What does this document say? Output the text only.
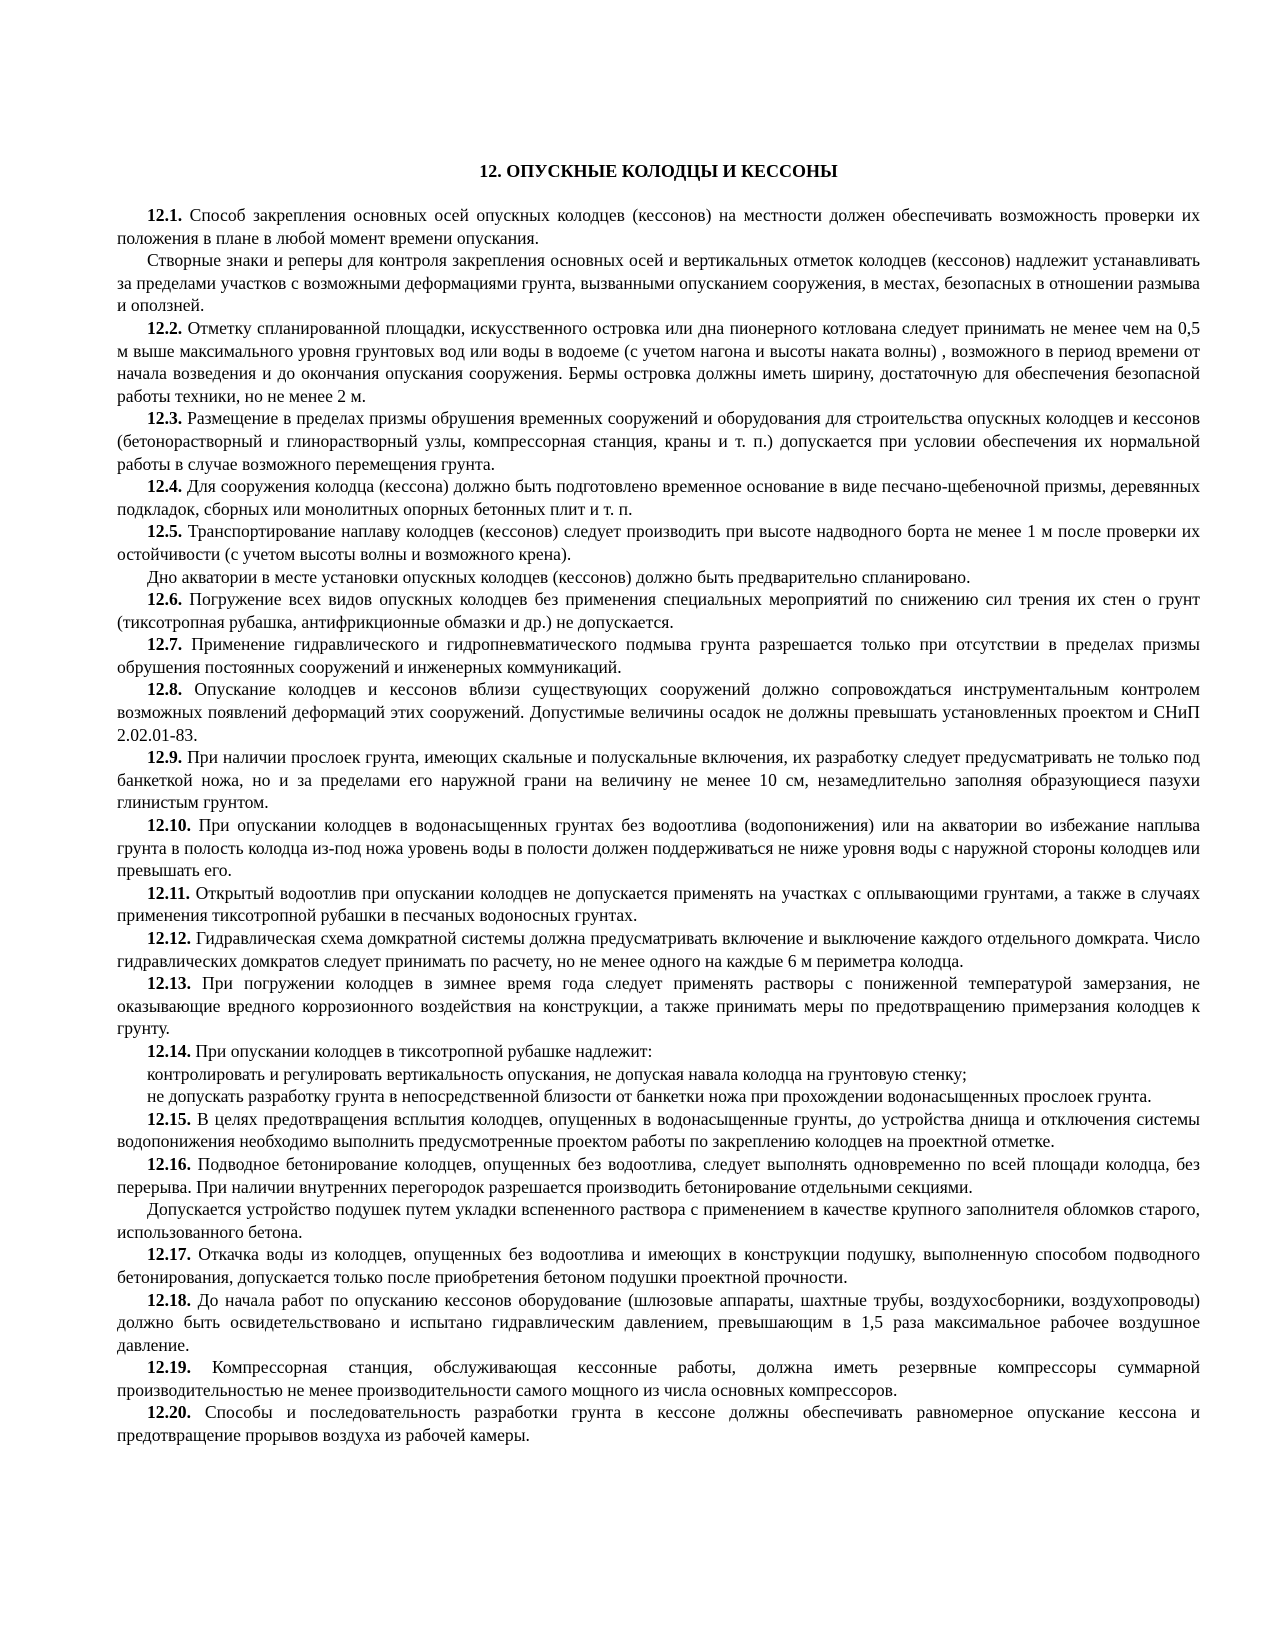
12. ОПУСКНЫЕ КОЛОДЦЫ И КЕССОНЫ

12.1. Способ закрепления основных осей опускных колодцев (кессонов) на местности должен обеспечивать возможность проверки их положения в плане в любой момент времени опускания.

Створные знаки и реперы для контроля закрепления основных осей и вертикальных отметок колодцев (кессонов) надлежит устанавливать за пределами участков с возможными деформациями грунта, вызванными опусканием сооружения, в местах, безопасных в отношении размыва и оползней.

12.2. Отметку спланированной площадки, искусственного островка или дна пионерного котлована следует принимать не менее чем на 0,5 м выше максимального уровня грунтовых вод или воды в водоеме (с учетом нагона и высоты наката волны) , возможного в период времени от начала возведения и до окончания опускания сооружения. Бермы островка должны иметь ширину, достаточную для обеспечения безопасной работы техники, но не менее 2 м.

12.3. Размещение в пределах призмы обрушения временных сооружений и оборудования для строительства опускных колодцев и кессонов (бетонорастворный и глинорастворный узлы, компрессорная станция, краны и т. п.) допускается при условии обеспечения их нормальной работы в случае возможного перемещения грунта.

12.4. Для сооружения колодца (кессона) должно быть подготовлено временное основание в виде песчано-щебеночной призмы, деревянных подкладок, сборных или монолитных опорных бетонных плит и т. п.

12.5. Транспортирование наплаву колодцев (кессонов) следует производить при высоте надводного борта не менее 1 м после проверки их остойчивости (с учетом высоты волны и возможного крена).

Дно акватории в месте установки опускных колодцев (кессонов) должно быть предварительно спланировано.

12.6. Погружение всех видов опускных колодцев без применения специальных мероприятий по снижению сил трения их стен о грунт (тиксотропная рубашка, антифрикционные обмазки и др.) не допускается.

12.7. Применение гидравлического и гидропневматического подмыва грунта разрешается только при отсутствии в пределах призмы обрушения постоянных сооружений и инженерных коммуникаций.

12.8. Опускание колодцев и кессонов вблизи существующих сооружений должно сопровождаться инструментальным контролем возможных появлений деформаций этих сооружений. Допустимые величины осадок не должны превышать установленных проектом и СНиП 2.02.01-83.

12.9. При наличии прослоек грунта, имеющих скальные и полускальные включения, их разработку следует предусматривать не только под банкеткой ножа, но и за пределами его наружной грани на величину не менее 10 см, незамедлительно заполняя образующиеся пазухи глинистым грунтом.

12.10. При опускании колодцев в водонасыщенных грунтах без водоотлива (водопонижения) или на акватории во избежание наплыва грунта в полость колодца из-под ножа уровень воды в полости должен поддерживаться не ниже уровня воды с наружной стороны колодцев или превышать его.

12.11. Открытый водоотлив при опускании колодцев не допускается применять на участках с оплывающими грунтами, а также в случаях применения тиксотропной рубашки в песчаных водоносных грунтах.

12.12. Гидравлическая схема домкратной системы должна предусматривать включение и выключение каждого отдельного домкрата. Число гидравлических домкратов следует принимать по расчету, но не менее одного на каждые 6 м периметра колодца.

12.13. При погружении колодцев в зимнее время года следует применять растворы с пониженной температурой замерзания, не оказывающие вредного коррозионного воздействия на конструкции, а также принимать меры по предотвращению примерзания колодцев к грунту.

12.14. При опускании колодцев в тиксотропной рубашке надлежит:

контролировать и регулировать вертикальность опускания, не допуская навала колодца на грунтовую стенку;

не допускать разработку грунта в непосредственной близости от банкетки ножа при прохождении водонасыщенных прослоек грунта.

12.15. В целях предотвращения всплытия колодцев, опущенных в водонасыщенные грунты, до устройства днища и отключения системы водопонижения необходимо выполнить предусмотренные проектом работы по закреплению колодцев на проектной отметке.

12.16. Подводное бетонирование колодцев, опущенных без водоотлива, следует выполнять одновременно по всей площади колодца, без перерыва. При наличии внутренних перегородок разрешается производить бетонирование отдельными секциями.

Допускается устройство подушек путем укладки вспененного раствора с применением в качестве крупного заполнителя обломков старого, использованного бетона.

12.17. Откачка воды из колодцев, опущенных без водоотлива и имеющих в конструкции подушку, выполненную способом подводного бетонирования, допускается только после приобретения бетоном подушки проектной прочности.

12.18. До начала работ по опусканию кессонов оборудование (шлюзовые аппараты, шахтные трубы, воздухосборники, воздухопроводы) должно быть освидетельствовано и испытано гидравлическим давлением, превышающим в 1,5 раза максимальное рабочее воздушное давление.

12.19. Компрессорная станция, обслуживающая кессонные работы, должна иметь резервные компрессоры суммарной производительностью не менее производительности самого мощного из числа основных компрессоров.

12.20. Способы и последовательность разработки грунта в кессоне должны обеспечивать равномерное опускание кессона и предотвращение прорывов воздуха из рабочей камеры.
